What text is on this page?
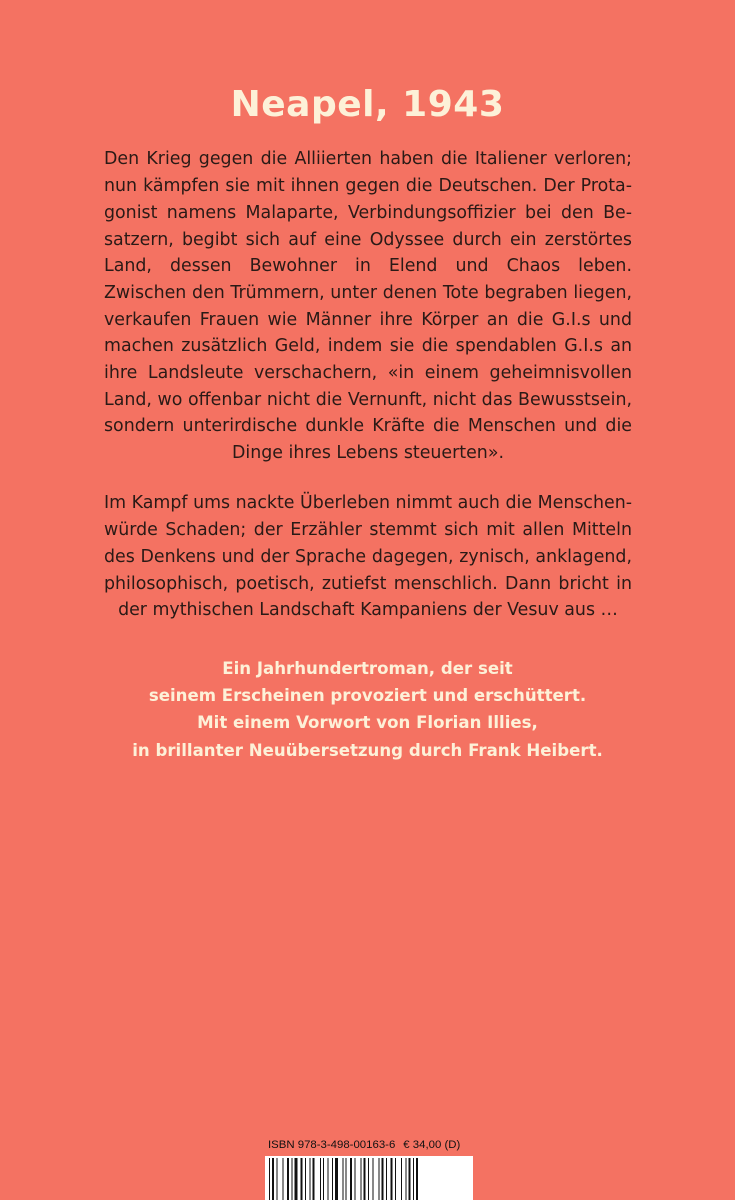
Neapel, 1943

Den Krieg gegen die Alliierten haben die Italiener verloren; nun kämpfen sie mit ihnen gegen die Deutschen. Der Protagonist namens Malaparte, Verbindungsoffizier bei den Besatzern, begibt sich auf eine Odyssee durch ein zerstörtes Land, dessen Bewohner in Elend und Chaos leben. Zwischen den Trümmern, unter denen Tote begraben liegen, verkaufen Frauen wie Männer ihre Körper an die G.I.s und machen zusätzlich Geld, indem sie die spendablen G.I.s an ihre Landsleute verschachern, «in einem geheimnisvollen Land, wo offenbar nicht die Vernunft, nicht das Bewusstsein, sondern unterirdische dunkle Kräfte die Menschen und die Dinge ihres Lebens steuerten».

Im Kampf ums nackte Überleben nimmt auch die Menschenwürde Schaden; der Erzähler stemmt sich mit allen Mitteln des Denkens und der Sprache dagegen, zynisch, anklagend, philosophisch, poetisch, zutiefst menschlich. Dann bricht in der mythischen Landschaft Kampaniens der Vesuv aus …

Ein Jahrhundertroman, der seit
seinem Erscheinen provoziert und erschüttert.
Mit einem Vorwort von Florian Illies,
in brillanter Neuübersetzung durch Frank Heibert.
ISBN 978-3-498-00163-6 € 34,00 (D)
